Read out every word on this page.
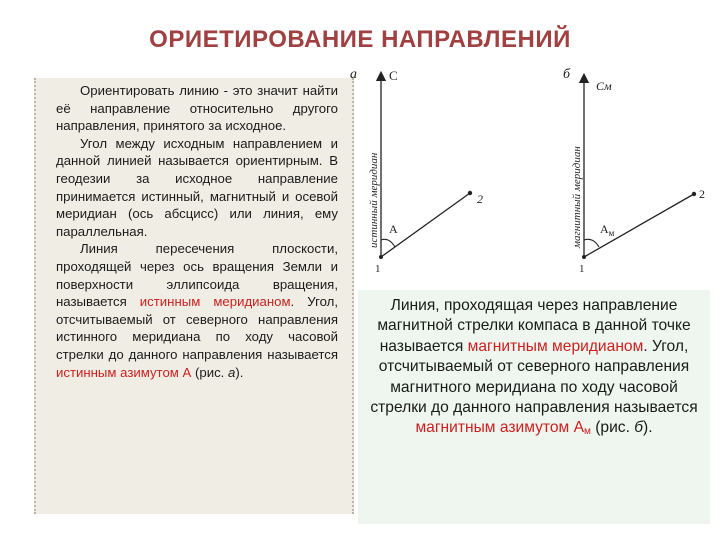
ОРИЕТИРОВАНИЕ НАПРАВЛЕНИЙ

Ориентировать линию - это значит найти её направление относительно другого направления, принятого за исходное.

Угол между исходным направлением и данной линией называется ориентирным. В геодезии за исходное направление принимается истинный, магнитный и осевой меридиан (ось абсцисс) или линия, ему параллельная.

Линия пересечения плоскости, проходящей через ось вращения Земли и поверхности эллипсоида вращения, называется истинным меридианом. Угол, отсчитываемый от северного направления истинного меридиана по ходу часовой стрелки до данного направления называется истинным азимутом А (рис. а).

а С
истинный меридиан	2
А
1
б
См
магнитный меридиан	2
$А_м$
1
Линия, проходящая через направление магнитной стрелки компаса в данной точке называется магнитным меридианом. Угол, отсчитываемый от северного направления магнитного меридиана по ходу часовой стрелки до данного направления называется магнитным азимутом $А_м$ (рис. б).
